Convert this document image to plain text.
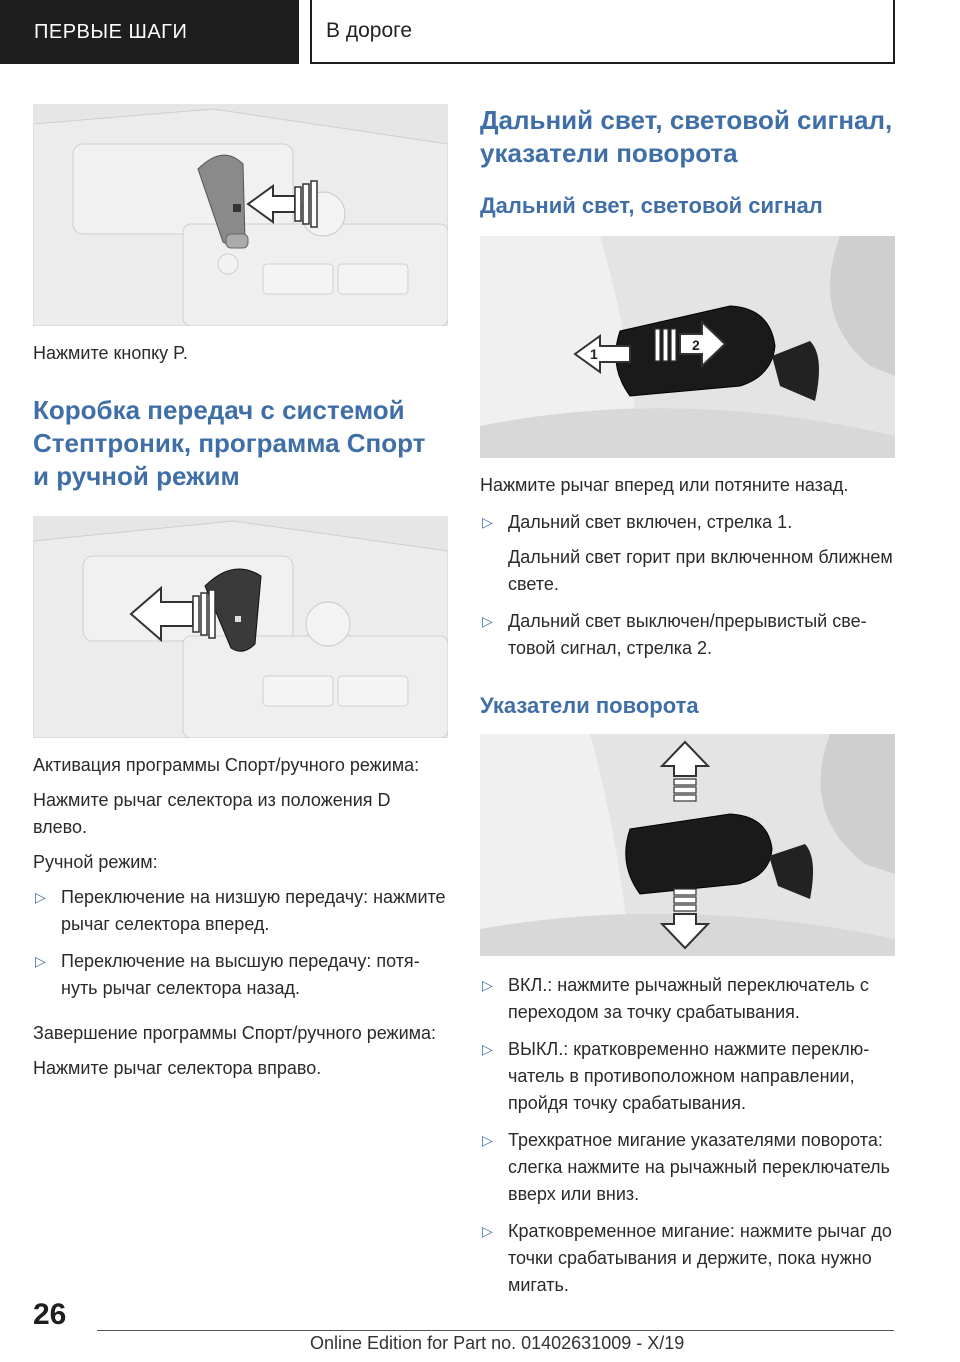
ПЕРВЫЕ ШАГИ	В дороге

Нажмите кнопку P.

Коробка передач с системой Стептроник, программа Спорт и ручной режим

Активация программы Спорт/ручного режима:

Нажмите рычаг селектора из положения D влево.

Ручной режим:

▷ Переключение на низшую передачу: нажмите рычаг селектора вперед.
▷ Переключение на высшую передачу: потянуть рычаг селектора назад.

Завершение программы Спорт/ручного режима:

Нажмите рычаг селектора вправо.

Дальний свет, световой сигнал, указатели поворота
Дальний свет, световой сигнал
1
2

Нажмите рычаг вперед или потяните назад.

▷ Дальний свет включен, стрелка 1.
Дальний свет горит при включенном ближнем свете.
▷ Дальний свет выключен/прерывистый световой сигнал, стрелка 2.
Указатели поворота
▷ ВКЛ.: нажмите рычажный переключатель с переходом за точку срабатывания.
▷ ВЫКЛ.: кратковременно нажмите переключатель в противоположном направлении, пройдя точку срабатывания.
▷ Трехкратное мигание указателями поворота: слегка нажмите на рычажный переключатель вверх или вниз.
▷ Кратковременное мигание: нажмите рычаг до точки срабатывания и держите, пока нужно мигать.
26
Online Edition for Part no. 01402631009 - X/19
